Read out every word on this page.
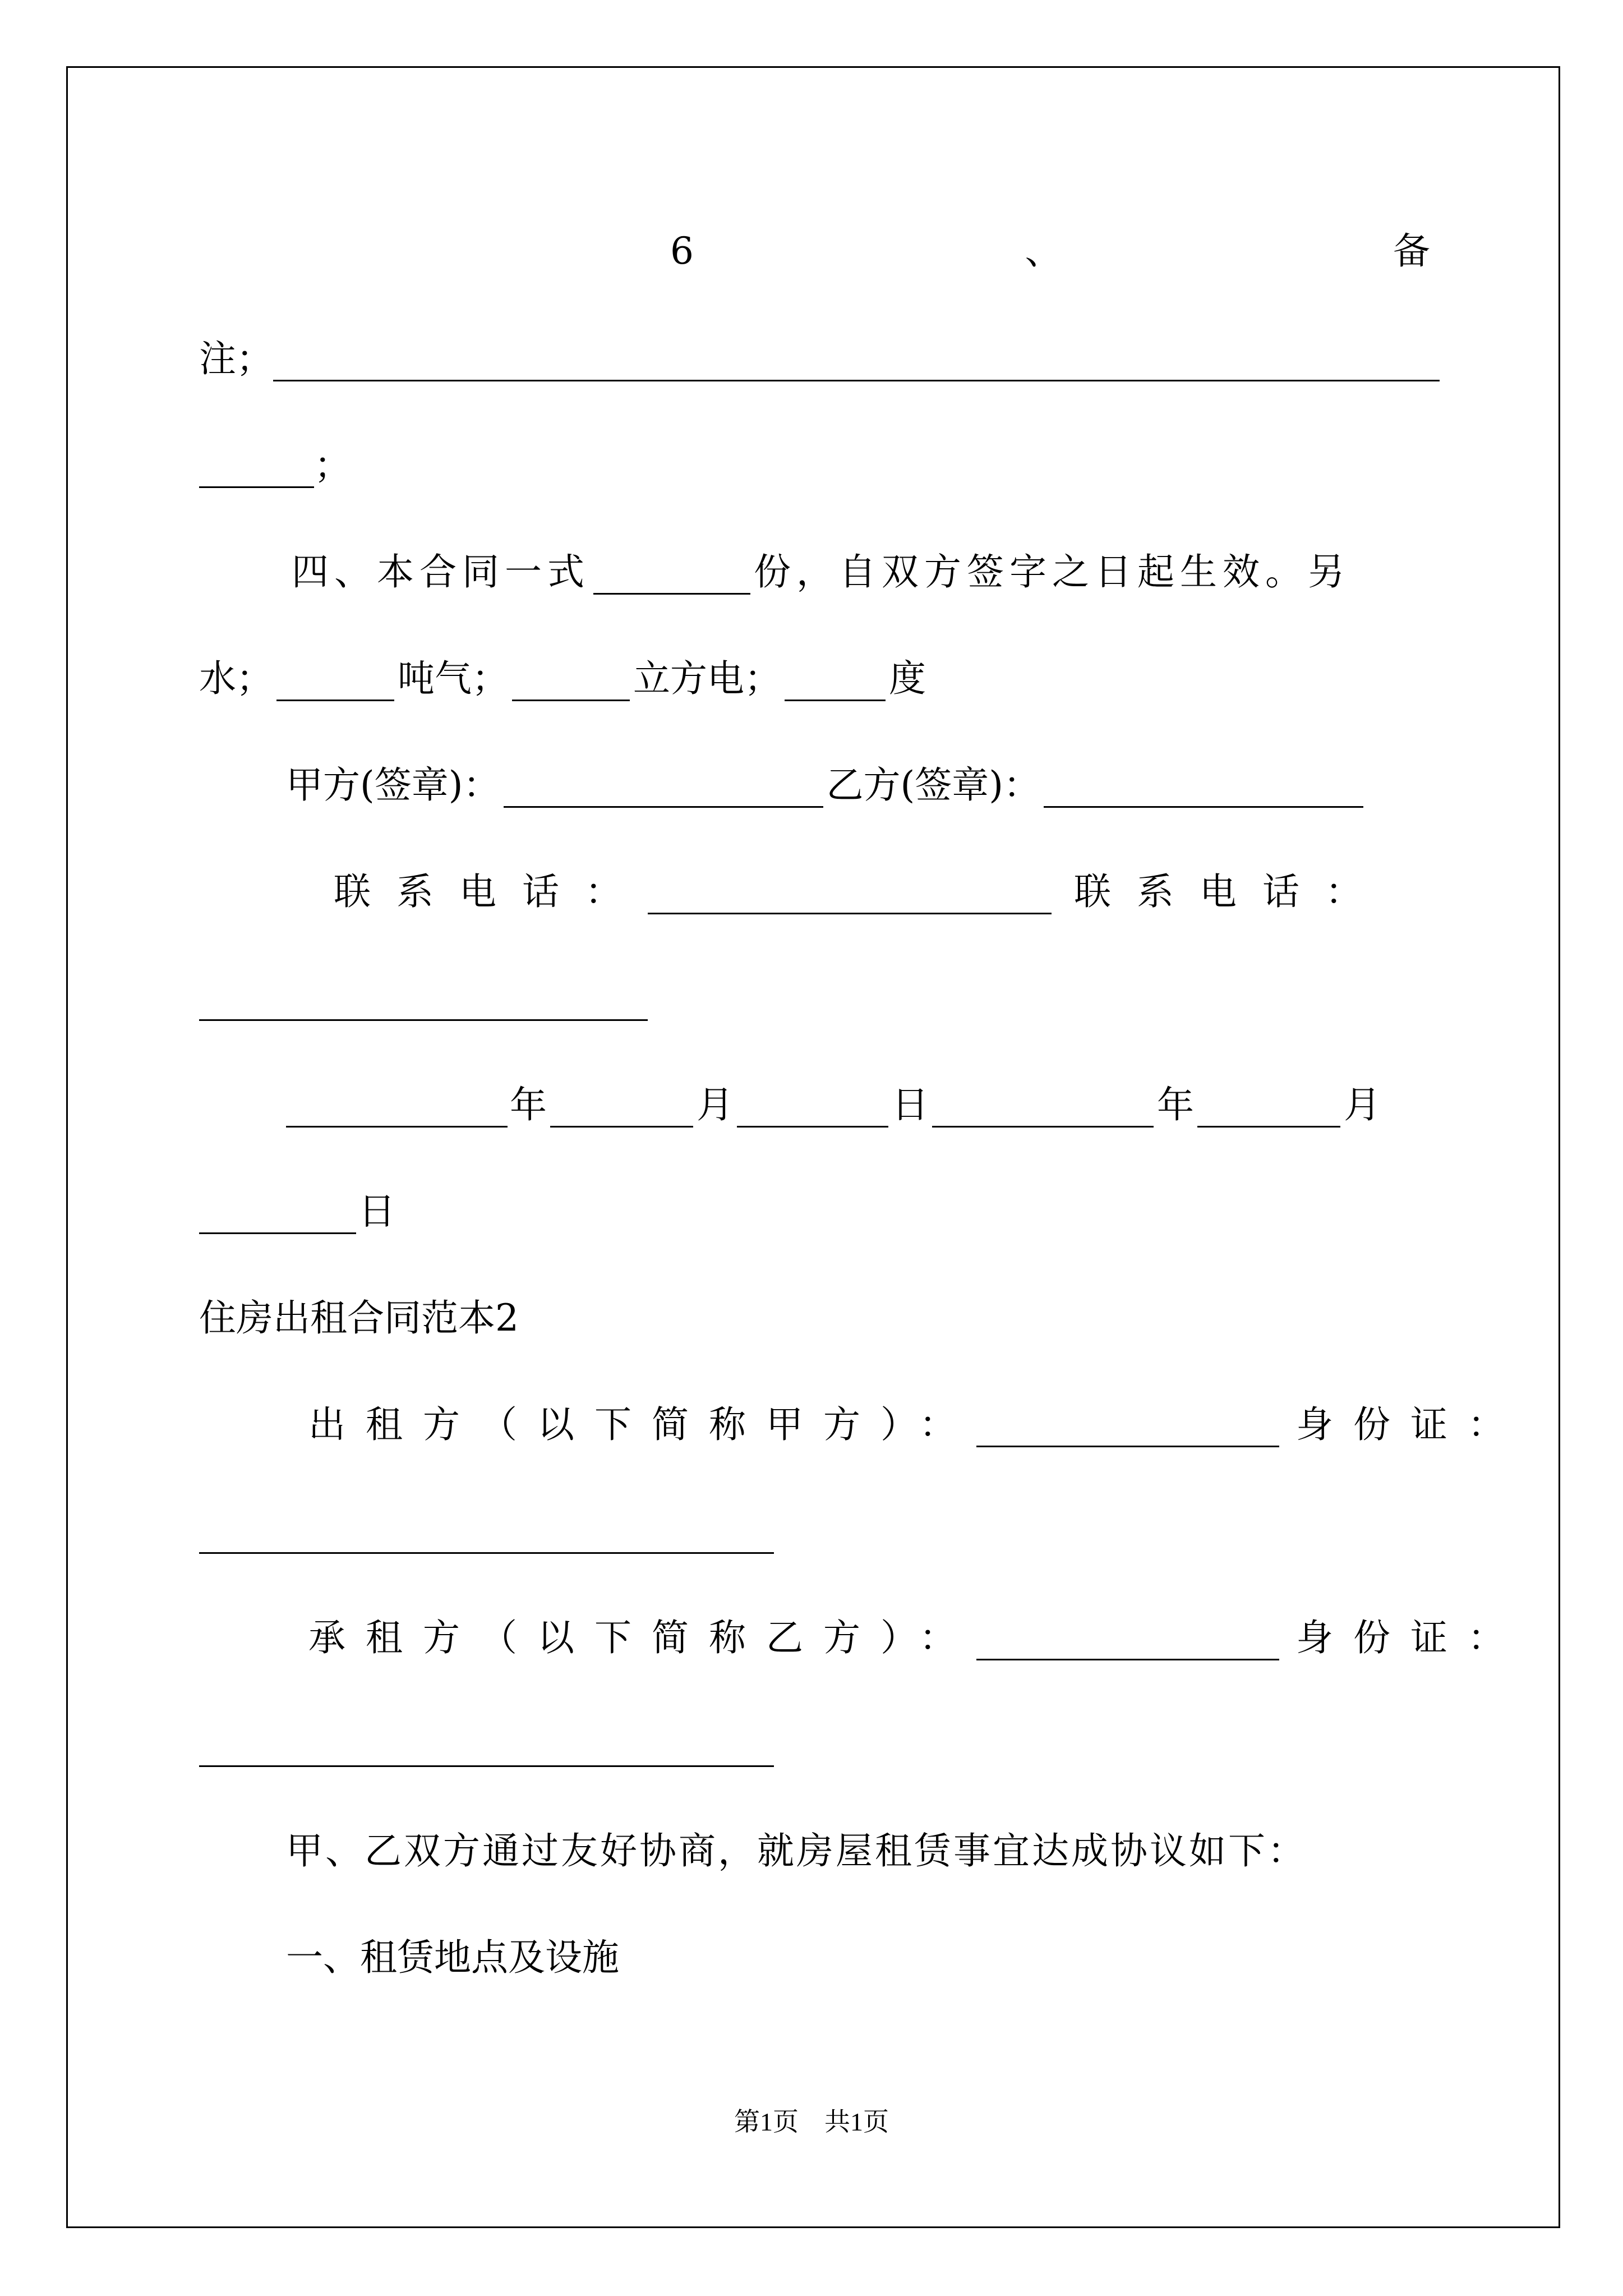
6	、	备
注；
；
四、本合同一式	份，自双方签字之日起生效。另
水；	吨气；	立方电；	度
甲方(签章)：	乙方(签章)：
联系电话：	联系电话：
年	月	日	年	月
日
住房出租合同范本2
出租方（以下简称甲方）：	身份证：
承租方（以下简称乙方）：	身份证：
甲、乙双方通过友好协商，就房屋租赁事宜达成协议如下：
一、租赁地点及设施
第1页　共1页
